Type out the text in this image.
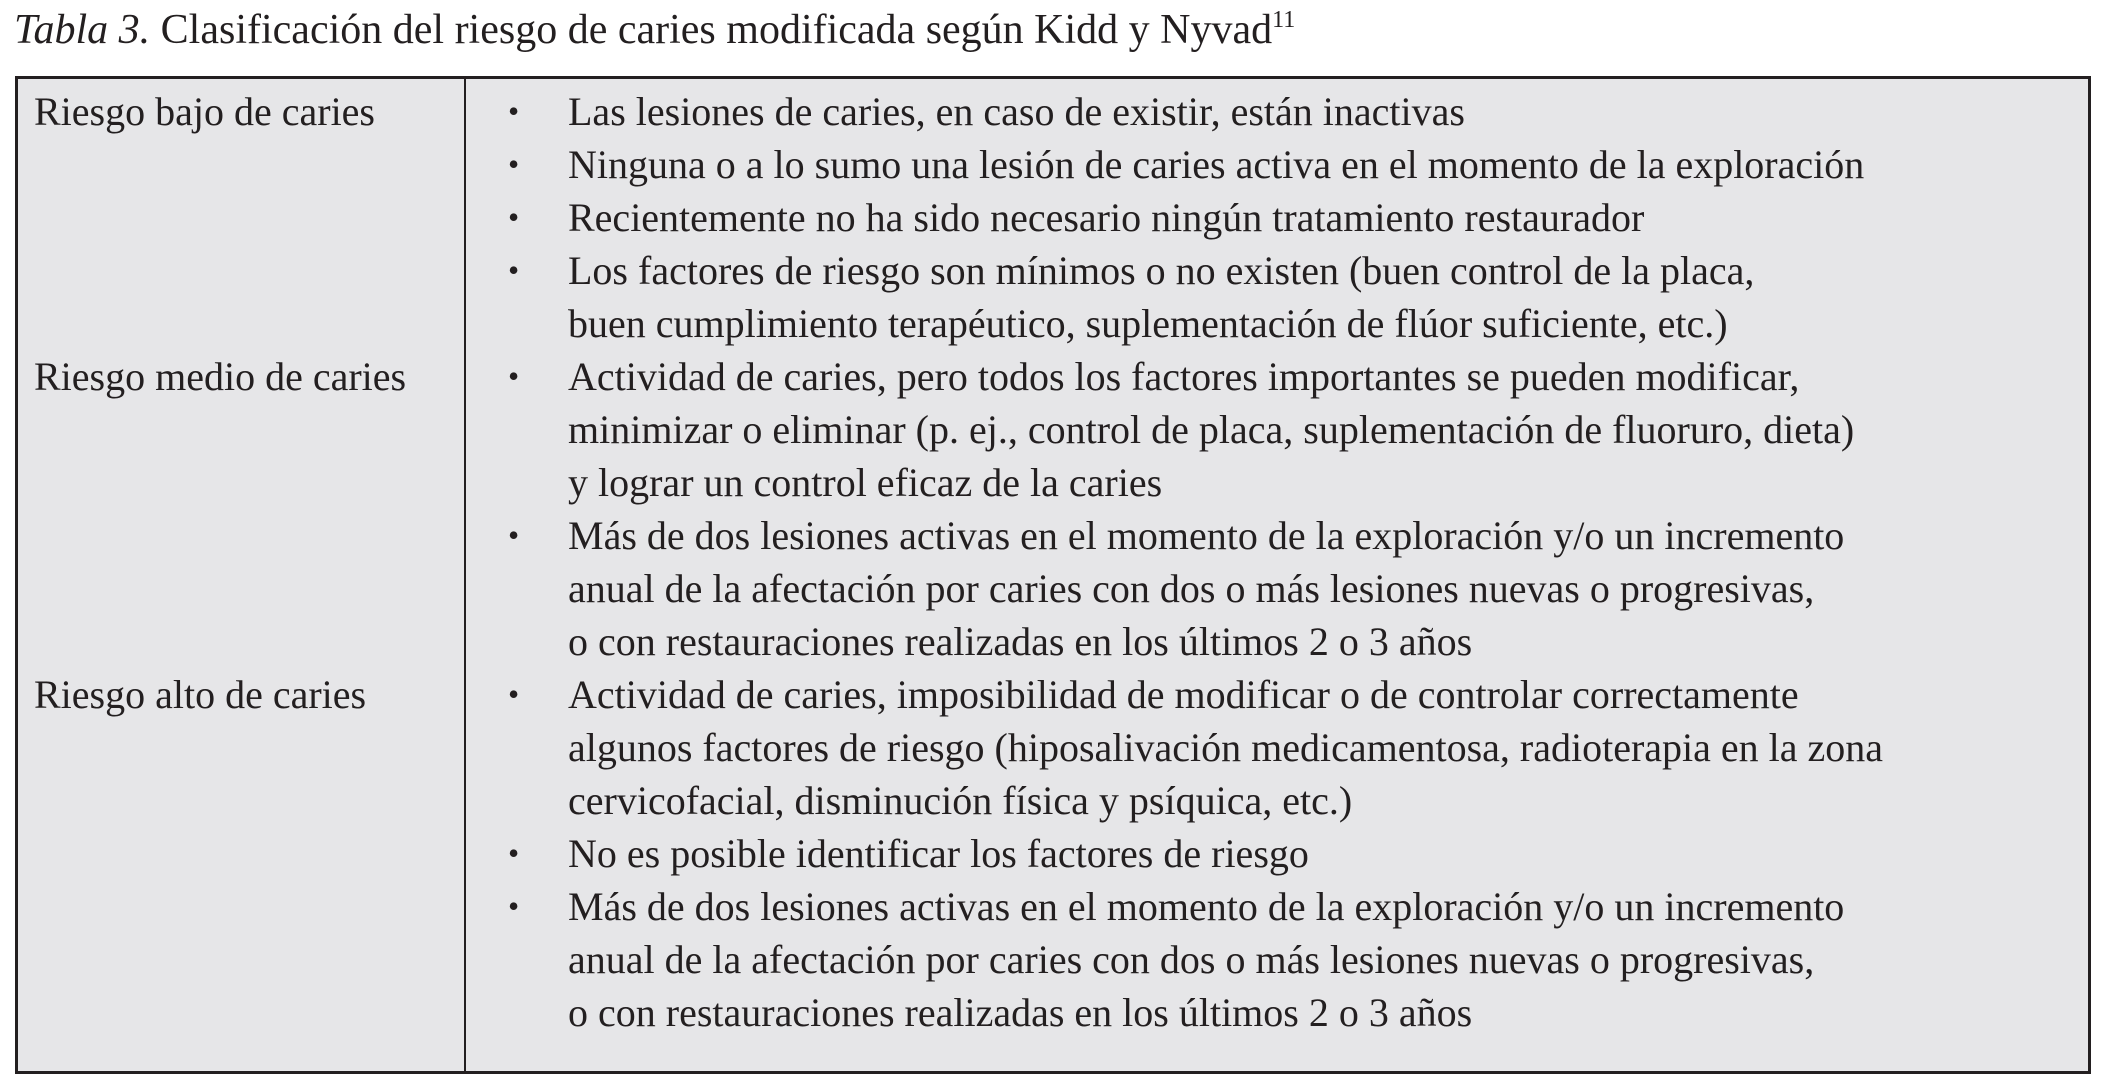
Tabla 3. Clasificación del riesgo de caries modificada según Kidd y Nyvad$^{11}$
Riesgo bajo de caries	• Las lesiones de caries, en caso de existir, están inactivas
• Ninguna o a lo sumo una lesión de caries activa en el momento de la exploración
• Recientemente no ha sido necesario ningún tratamiento restaurador
• Los factores de riesgo son mínimos o no existen (buen control de la placa,
buen cumplimiento terapéutico, suplementación de flúor suficiente, etc.)
Riesgo medio de caries	• Actividad de caries, pero todos los factores importantes se pueden modificar,
minimizar o eliminar (p. ej., control de placa, suplementación de fluoruro, dieta)
y lograr un control eficaz de la caries
• Más de dos lesiones activas en el momento de la exploración y/o un incremento
anual de la afectación por caries con dos o más lesiones nuevas o progresivas,
o con restauraciones realizadas en los últimos 2 o 3 años
Riesgo alto de caries	• Actividad de caries, imposibilidad de modificar o de controlar correctamente
algunos factores de riesgo (hiposalivación medicamentosa, radioterapia en la zona
cervicofacial, disminución física y psíquica, etc.)
• No es posible identificar los factores de riesgo
• Más de dos lesiones activas en el momento de la exploración y/o un incremento
anual de la afectación por caries con dos o más lesiones nuevas o progresivas,
o con restauraciones realizadas en los últimos 2 o 3 años
